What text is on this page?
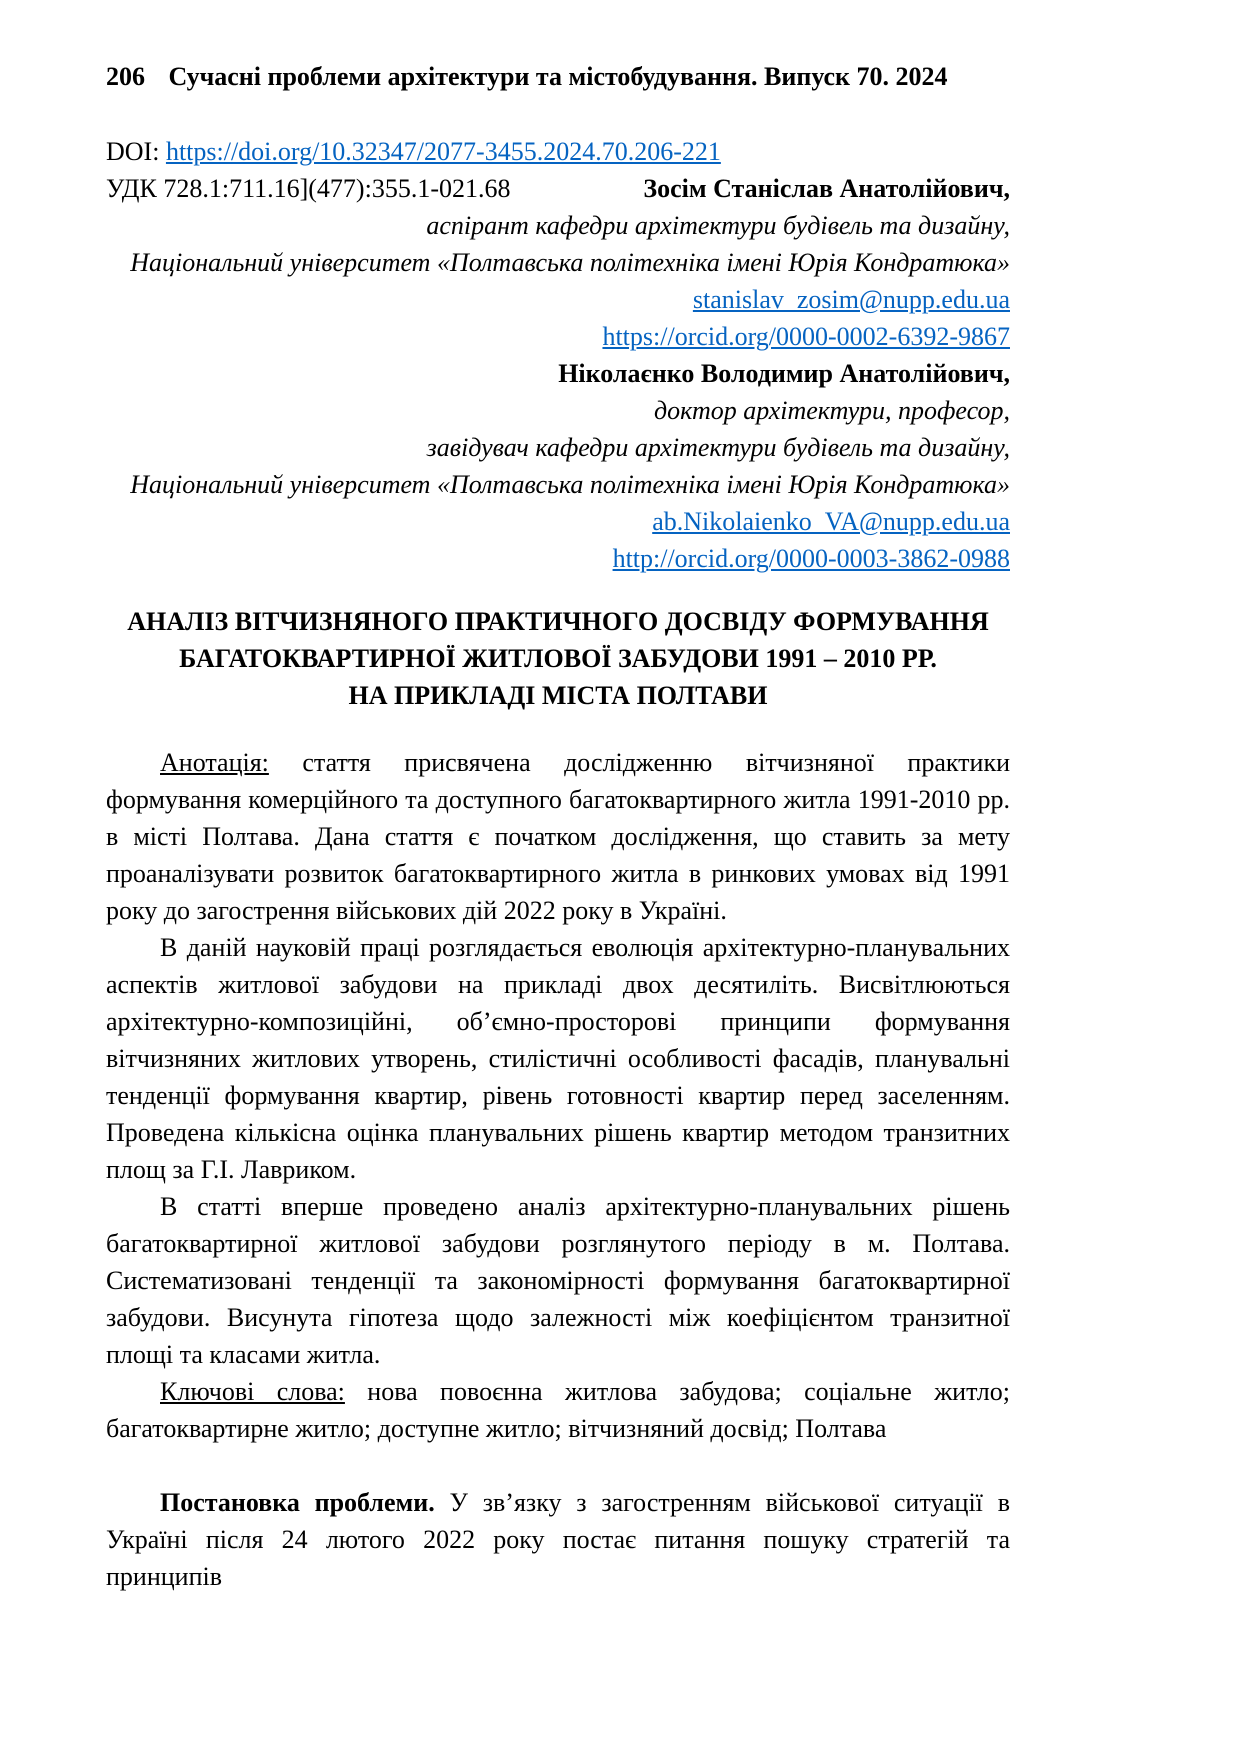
206 Сучасні проблеми архітектури та містобудування. Випуск 70. 2024
DOI: https://doi.org/10.32347/2077-3455.2024.70.206-221
УДК 728.1:711.16](477):355.1-021.68	Зосім Станіслав Анатолійович,
аспірант кафедри архітектури будівель та дизайну,
Національний університет «Полтавська політехніка імені Юрія Кондратюка»
stanislav_zosim@nupp.edu.ua
https://orcid.org/0000-0002-6392-9867
Ніколаєнко Володимир Анатолійович,
доктор архітектури, професор,
завідувач кафедри архітектури будівель та дизайну,
Національний університет «Полтавська політехніка імені Юрія Кондратюка»
ab.Nikolaienko_VA@nupp.edu.ua
http://orcid.org/0000-0003-3862-0988
АНАЛІЗ ВІТЧИЗНЯНОГО ПРАКТИЧНОГО ДОСВІДУ ФОРМУВАННЯ
БАГАТОКВАРТИРНОЇ ЖИТЛОВОЇ ЗАБУДОВИ 1991 – 2010 РР.
НА ПРИКЛАДІ МІСТА ПОЛТАВИ

Анотація: стаття присвячена дослідженню вітчизняної практики формування комерційного та доступного багатоквартирного житла 1991-2010 рр. в місті Полтава. Дана стаття є початком дослідження, що ставить за мету проаналізувати розвиток багатоквартирного житла в ринкових умовах від 1991 року до загострення військових дій 2022 року в Україні.

В даній науковій праці розглядається еволюція архітектурно-планувальних аспектів житлової забудови на прикладі двох десятиліть. Висвітлюються архітектурно-композиційні, об’ємно-просторові принципи формування вітчизняних житлових утворень, стилістичні особливості фасадів, планувальні тенденції формування квартир, рівень готовності квартир перед заселенням. Проведена кількісна оцінка планувальних рішень квартир методом транзитних площ за Г.І. Лавриком.

В статті вперше проведено аналіз архітектурно-планувальних рішень багатоквартирної житлової забудови розглянутого періоду в м. Полтава. Систематизовані тенденції та закономірності формування багатоквартирної забудови. Висунута гіпотеза щодо залежності між коефіцієнтом транзитної площі та класами житла.

Ключові слова: нова повоєнна житлова забудова; соціальне житло; багатоквартирне житло; доступне житло; вітчизняний досвід; Полтава

Постановка проблеми. У зв’язку з загостренням військової ситуації в Україні після 24 лютого 2022 року постає питання пошуку стратегій та принципів
